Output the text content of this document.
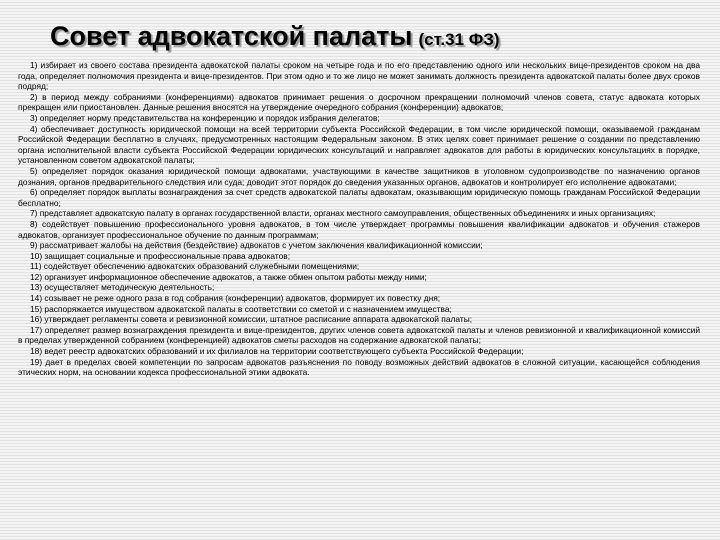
Совет адвокатской палаты (ст.31 ФЗ)

1) избирает из своего состава президента адвокатской палаты сроком на четыре года и по его представлению одного или нескольких вице-президентов сроком на два года, определяет полномочия президента и вице-президентов. При этом одно и то же лицо не может занимать должность президента адвокатской палаты более двух сроков подряд;

2) в период между собраниями (конференциями) адвокатов принимает решения о досрочном прекращении полномочий членов совета, статус адвоката которых прекращен или приостановлен. Данные решения вносятся на утверждение очередного собрания (конференции) адвокатов;

3) определяет норму представительства на конференцию и порядок избрания делегатов;

4) обеспечивает доступность юридической помощи на всей территории субъекта Российской Федерации, в том числе юридической помощи, оказываемой гражданам Российской Федерации бесплатно в случаях, предусмотренных настоящим Федеральным законом. В этих целях совет принимает решение о создании по представлению органа исполнительной власти субъекта Российской Федерации юридических консультаций и направляет адвокатов для работы в юридических консультациях в порядке, установленном советом адвокатской палаты;

5) определяет порядок оказания юридической помощи адвокатами, участвующими в качестве защитников в уголовном судопроизводстве по назначению органов дознания, органов предварительного следствия или суда; доводит этот порядок до сведения указанных органов, адвокатов и контролирует его исполнение адвокатами;

6) определяет порядок выплаты вознаграждения за счет средств адвокатской палаты адвокатам, оказывающим юридическую помощь гражданам Российской Федерации бесплатно;

7) представляет адвокатскую палату в органах государственной власти, органах местного самоуправления, общественных объединениях и иных организациях;

8) содействует повышению профессионального уровня адвокатов, в том числе утверждает программы повышения квалификации адвокатов и обучения стажеров адвокатов, организует профессиональное обучение по данным программам;

9) рассматривает жалобы на действия (бездействие) адвокатов с учетом заключения квалификационной комиссии;

10) защищает социальные и профессиональные права адвокатов;

11) содействует обеспечению адвокатских образований служебными помещениями;

12) организует информационное обеспечение адвокатов, а также обмен опытом работы между ними;

13) осуществляет методическую деятельность;

14) созывает не реже одного раза в год собрания (конференции) адвокатов, формирует их повестку дня;

15) распоряжается имуществом адвокатской палаты в соответствии со сметой и с назначением имущества;

16) утверждает регламенты совета и ревизионной комиссии, штатное расписание аппарата адвокатской палаты;

17) определяет размер вознаграждения президента и вице-президентов, других членов совета адвокатской палаты и членов ревизионной и квалификационной комиссий в пределах утвержденной собранием (конференцией) адвокатов сметы расходов на содержание адвокатской палаты;

18) ведет реестр адвокатских образований и их филиалов на территории соответствующего субъекта Российской Федерации;

19) дает в пределах своей компетенции по запросам адвокатов разъяснения по поводу возможных действий адвокатов в сложной ситуации, касающейся соблюдения этических норм, на основании кодекса профессиональной этики адвоката.
